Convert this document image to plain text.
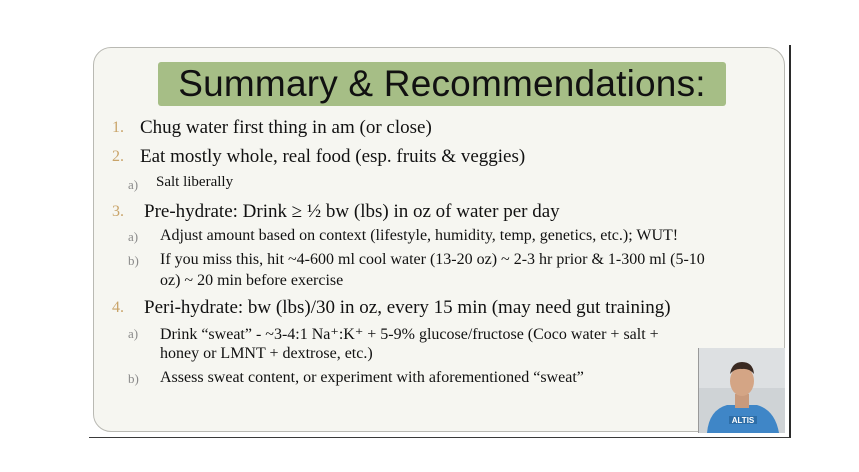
Summary & Recommendations:
1. Chug water first thing in am (or close)
2. Eat mostly whole, real food (esp. fruits & veggies)
a) Salt liberally
3. Pre-hydrate: Drink ≥ ½ bw (lbs) in oz of water per day
a) Adjust amount based on context (lifestyle, humidity, temp, genetics, etc.); WUT!
b) If you miss this, hit ~4-600 ml cool water (13-20 oz) ~ 2-3 hr prior & 1-300 ml (5-10
oz) ~ 20 min before exercise
4. Peri-hydrate: bw (lbs)/30 in oz, every 15 min (may need gut training)
a) Drink “sweat” - ~3-4:1 Na⁺:K⁺ + 5-9% glucose/fructose (Coco water + salt +
honey or LMNT + dextrose, etc.)
b) Assess sweat content, or experiment with aforementioned “sweat”
ALTIS
